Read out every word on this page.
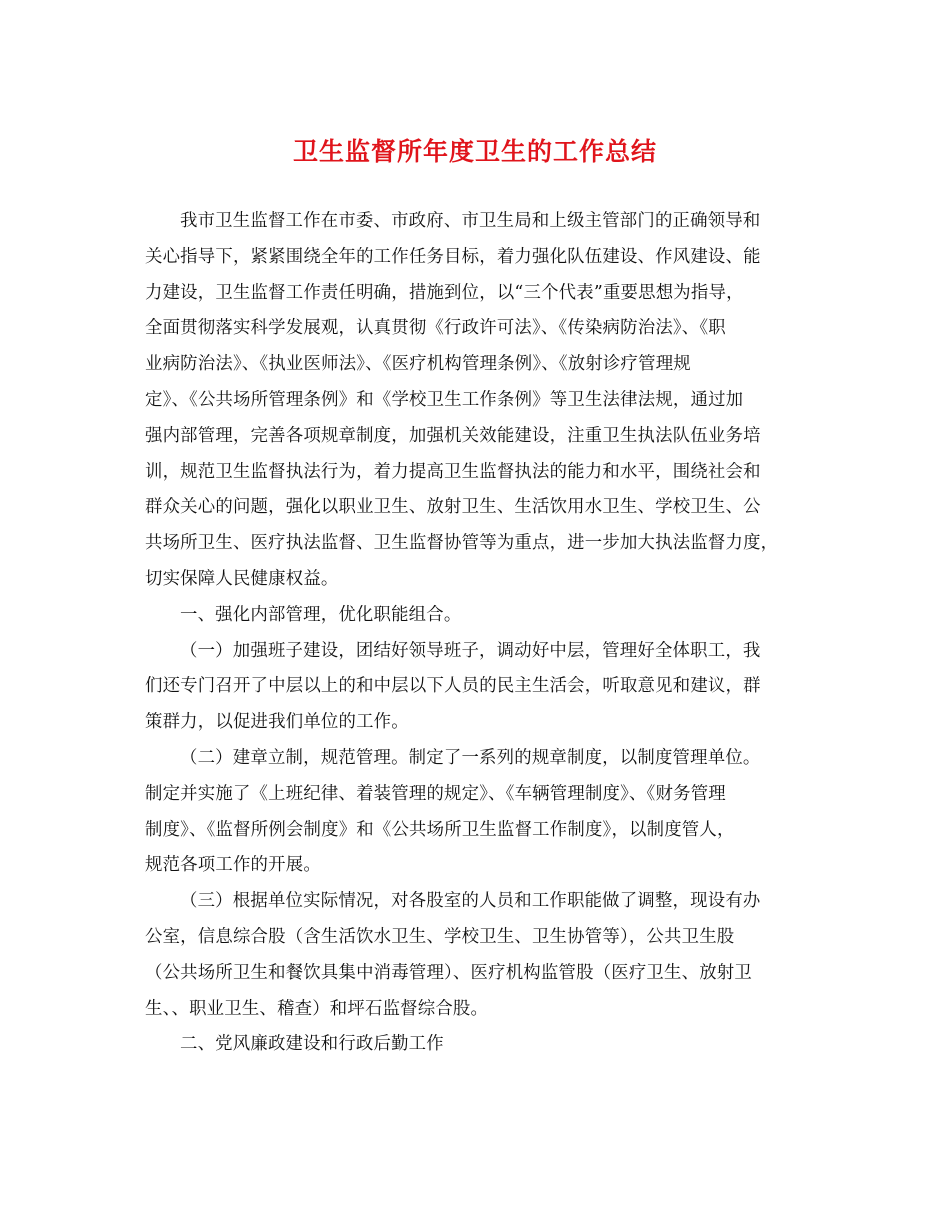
卫生监督所年度卫生的工作总结
我市卫生监督工作在市委、市政府、市卫生局和上级主管部门的正确领导和
关心指导下，紧紧围绕全年的工作任务目标，着力强化队伍建设、作风建设、能
力建设，卫生监督工作责任明确，措施到位，以“三个代表”重要思想为指导，
全面贯彻落实科学发展观，认真贯彻《行政许可法》、《传染病防治法》、《职
业病防治法》、《执业医师法》、《医疗机构管理条例》、《放射诊疗管理规
定》、《公共场所管理条例》和《学校卫生工作条例》等卫生法律法规，通过加
强内部管理，完善各项规章制度，加强机关效能建设，注重卫生执法队伍业务培
训，规范卫生监督执法行为，着力提高卫生监督执法的能力和水平，围绕社会和
群众关心的问题，强化以职业卫生、放射卫生、生活饮用水卫生、学校卫生、公
共场所卫生、医疗执法监督、卫生监督协管等为重点，进一步加大执法监督力度，
切实保障人民健康权益。
一、强化内部管理，优化职能组合。
（一）加强班子建设，团结好领导班子，调动好中层，管理好全体职工，我
们还专门召开了中层以上的和中层以下人员的民主生活会，听取意见和建议，群
策群力，以促进我们单位的工作。
（二）建章立制，规范管理。制定了一系列的规章制度，以制度管理单位。
制定并实施了《上班纪律、着装管理的规定》、《车辆管理制度》、《财务管理
制度》、《监督所例会制度》和《公共场所卫生监督工作制度》，以制度管人，
规范各项工作的开展。
（三）根据单位实际情况，对各股室的人员和工作职能做了调整，现设有办
公室，信息综合股（含生活饮水卫生、学校卫生、卫生协管等），公共卫生股
（公共场所卫生和餐饮具集中消毒管理）、医疗机构监管股（医疗卫生、放射卫
生、、职业卫生、稽查）和坪石监督综合股。
二、党风廉政建设和行政后勤工作
